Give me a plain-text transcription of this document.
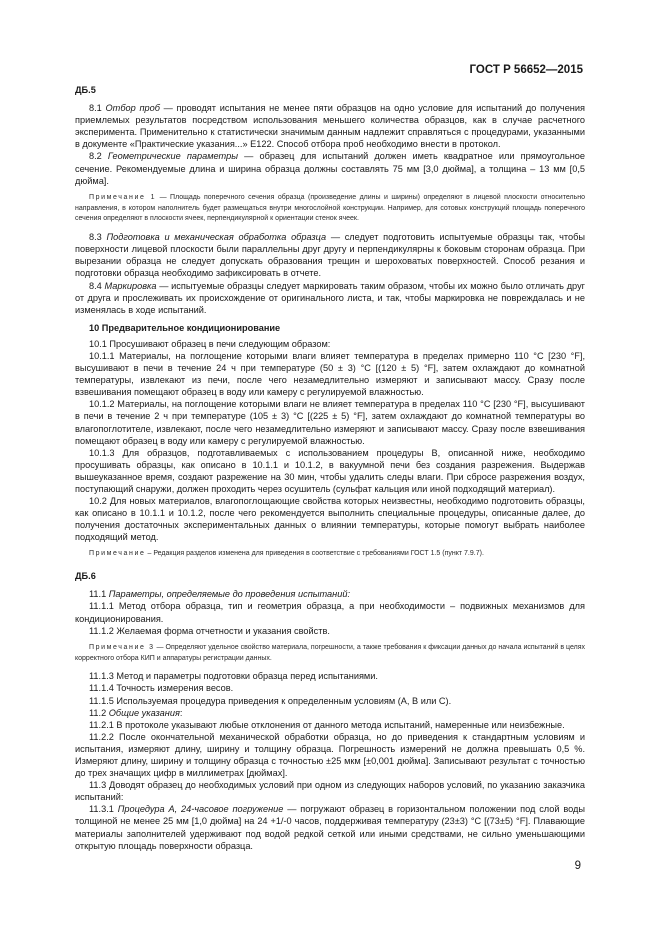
ГОСТ Р 56652—2015
ДБ.5
8.1 Отбор проб — проводят испытания не менее пяти образцов на одно условие для испытаний до получения приемлемых результатов посредством использования меньшего количества образцов, как в случае расчетного эксперимента. Применительно к статистически значимым данным надлежит справляться с процедурами, указанными в документе «Практические указания...» Е122. Способ отбора проб необходимо внести в протокол.
8.2 Геометрические параметры — образец для испытаний должен иметь квадратное или прямоугольное сечение. Рекомендуемые длина и ширина образца должны составлять 75 мм [3,0 дюйма], а толщина – 13 мм [0,5 дюйма].
Примечание 1 — Площадь поперечного сечения образца (произведение длины и ширины) определяют в лицевой плоскости относительно направления, в котором наполнитель будет размещаться внутри многослойной конструкции. Например, для сотовых конструкций площадь поперечного сечения определяют в плоскости ячеек, перпендикулярной к ориентации стенок ячеек.
8.3 Подготовка и механическая обработка образца — следует подготовить испытуемые образцы так, чтобы поверхности лицевой плоскости были параллельны друг другу и перпендикулярны к боковым сторонам образца. При вырезании образца не следует допускать образования трещин и шероховатых поверхностей. Способ резания и подготовки образца необходимо зафиксировать в отчете.
8.4 Маркировка — испытуемые образцы следует маркировать таким образом, чтобы их можно было отличать друг от друга и прослеживать их происхождение от оригинального листа, и так, чтобы маркировка не повреждалась и не изменялась в ходе испытаний.
10 Предварительное кондиционирование
10.1 Просушивают образец в печи следующим образом:
10.1.1 Материалы, на поглощение которыми влаги влияет температура в пределах примерно 110 °С [230 °F], высушивают в печи в течение 24 ч при температуре (50 ± 3) °С [(120 ± 5) °F], затем охлаждают до комнатной температуры, извлекают из печи, после чего незамедлительно измеряют и записывают массу. Сразу после взвешивания помещают образец в воду или камеру с регулируемой влажностью.
10.1.2 Материалы, на поглощение которыми влаги не влияет температура в пределах 110 °С [230 °F], высушивают в печи в течение 2 ч при температуре (105 ± 3) °С [(225 ± 5) °F], затем охлаждают до комнатной температуры во влагопоглотителе, извлекают, после чего незамедлительно измеряют и записывают массу. Сразу после взвешивания помещают образец в воду или камеру с регулируемой влажностью.
10.1.3 Для образцов, подготавливаемых с использованием процедуры В, описанной ниже, необходимо просушивать образцы, как описано в 10.1.1 и 10.1.2, в вакуумной печи без создания разрежения. Выдержав вышеуказанное время, создают разрежение на 30 мин, чтобы удалить следы влаги. При сбросе разрежения воздух, поступающий снаружи, должен проходить через осушитель (сульфат кальция или иной подходящий материал).
10.2 Для новых материалов, влагопоглощающие свойства которых неизвестны, необходимо подготовить образцы, как описано в 10.1.1 и 10.1.2, после чего рекомендуется выполнить специальные процедуры, описанные далее, до получения достаточных экспериментальных данных о влиянии температуры, которые помогут выбрать наиболее подходящий метод.
Примечание – Редакция разделов изменена для приведения в соответствие с требованиями ГОСТ 1.5 (пункт 7.9.7).
ДБ.6
11.1 Параметры, определяемые до проведения испытаний:
11.1.1 Метод отбора образца, тип и геометрия образца, а при необходимости – подвижных механизмов для кондиционирования.
11.1.2 Желаемая форма отчетности и указания свойств.
Примечание 3 — Определяют удельное свойство материала, погрешности, а также требования к фиксации данных до начала испытаний в целях корректного отбора КИП и аппаратуры регистрации данных.
11.1.3 Метод и параметры подготовки образца перед испытаниями.
11.1.4 Точность измерения весов.
11.1.5 Используемая процедура приведения к определенным условиям (А, В или С).
11.2 Общие указания:
11.2.1 В протоколе указывают любые отклонения от данного метода испытаний, намеренные или неизбежные.
11.2.2 После окончательной механической обработки образца, но до приведения к стандартным условиям и испытания, измеряют длину, ширину и толщину образца. Погрешность измерений не должна превышать 0,5 %. Измеряют длину, ширину и толщину образца с точностью ±25 мкм [±0,001 дюйма]. Записывают результат с точностью до трех значащих цифр в миллиметрах [дюймах].
11.3 Доводят образец до необходимых условий при одном из следующих наборов условий, по указанию заказчика испытаний:
11.3.1 Процедура А, 24-часовое погружение — погружают образец в горизонтальном положении под слой воды толщиной не менее 25 мм [1,0 дюйма] на 24 +1/-0 часов, поддерживая температуру (23±3) °С [(73±5) °F]. Плавающие материалы заполнителей удерживают под водой редкой сеткой или иными средствами, не сильно уменьшающими открытую площадь поверхности образца.
9
